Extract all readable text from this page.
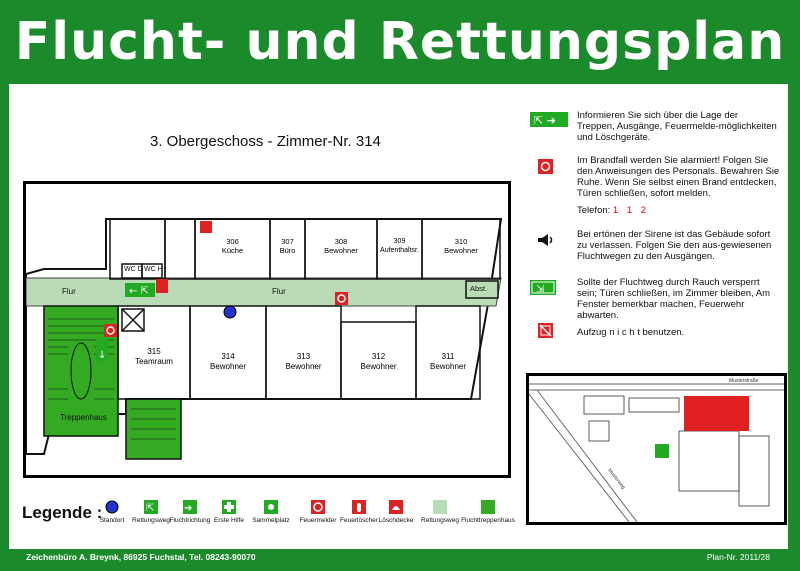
Flucht- und Rettungsplan
3. Obergeschoss - Zimmer-Nr. 314
← ⇱
↓
Flur	Flur	Abst.
WC D WC H
Treppenhaus
306
Küche
307
Büro
308
Bewohner
309
Aufenthaltsr.
310
Bewohner
315
Teamraum
314
Bewohner
313
Bewohner
312
Bewohner
311
Bewohner
⇱ ➔ Informieren Sie sich über die Lage der Treppen, Ausgänge, Feuermelde-möglichkeiten und Löschgeräte.
Im Brandfall werden Sie alarmiert! Folgen Sie den Anweisungen des Personals. Bewahren Sie Ruhe. Wenn Sie selbst einen Brand entdecken, Türen schließen, sofort melden.
Telefon: 1 1 2
Bei ertönen der Sirene ist das Gebäude sofort zu verlassen. Folgen Sie den aus-gewiesenen Fluchtwegen zu den Ausgängen.
⇲
Sollte der Fluchtweg durch Rauch versperrt sein; Türen schließen, im Zimmer bleiben, Am Fenster bemerkbar machen, Feuerwehr abwarten.
Aufzug n i c h t benutzen.
Musterstraße
Musterweg
Legende :
Standort
⇱
Rettungsweg
➔
Fluchtrichtung Erste Hilfe	Sammelplatz	Feuermelder Feuerlöscher Löschdecke	Rettungsweg Fluchttreppenhaus
Zeichenbüro A. Breynk, 86925 Fuchstal, Tel. 08243-90070	Plan-Nr. 2011/28
